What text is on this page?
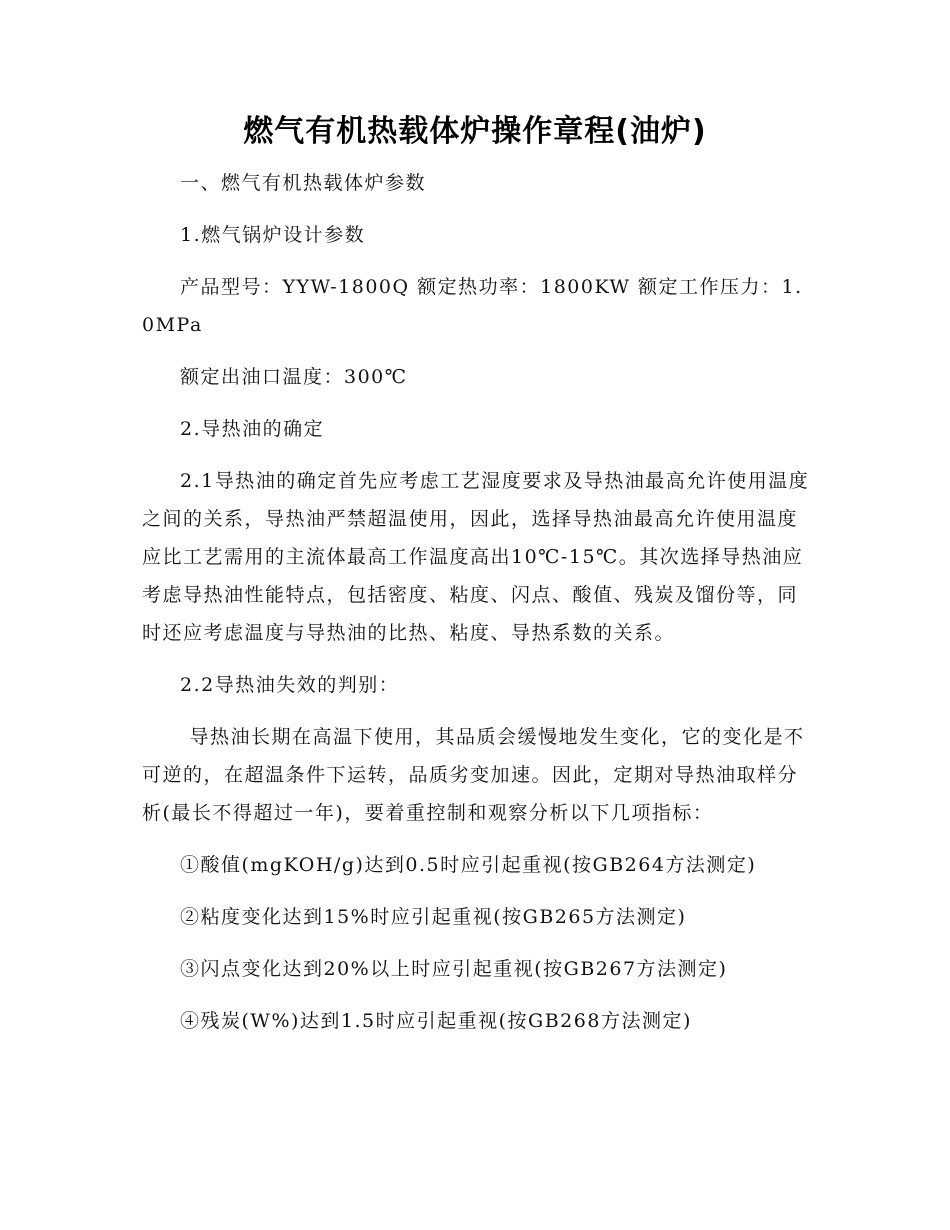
燃气有机热载体炉操作章程(油炉)

一、燃气有机热载体炉参数

1.燃气锅炉设计参数

产品型号：YYW-1800Q 额定热功率：1800KW 额定工作压力：1.0MPa

额定出油口温度：300℃

2.导热油的确定

2.1导热油的确定首先应考虑工艺湿度要求及导热油最高允许使用温度之间的关系，导热油严禁超温使用，因此，选择导热油最高允许使用温度应比工艺需用的主流体最高工作温度高出10℃-15℃。其次选择导热油应考虑导热油性能特点，包括密度、粘度、闪点、酸值、残炭及馏份等，同时还应考虑温度与导热油的比热、粘度、导热系数的关系。

2.2导热油失效的判别：

导热油长期在高温下使用，其品质会缓慢地发生变化，它的变化是不可逆的，在超温条件下运转，品质劣变加速。因此，定期对导热油取样分析(最长不得超过一年)，要着重控制和观察分析以下几项指标：

①酸值(mgKOH/g)达到0.5时应引起重视(按GB264方法测定)

②粘度变化达到15%时应引起重视(按GB265方法测定)

③闪点变化达到20%以上时应引起重视(按GB267方法测定)

④残炭(W%)达到1.5时应引起重视(按GB268方法测定)
